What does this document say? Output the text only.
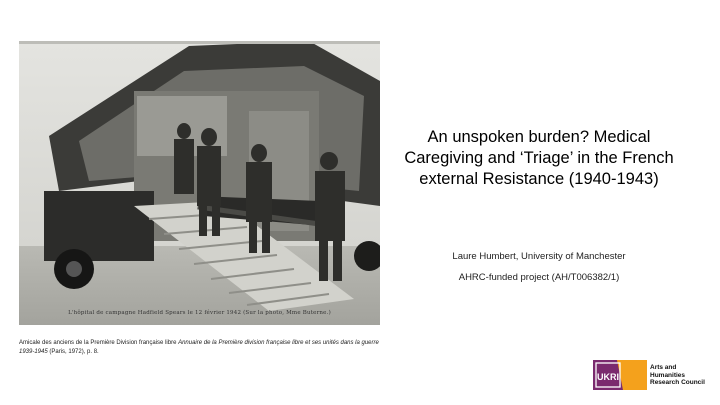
L'hôpital de campagne Hadfield Spears le 12 février 1942 (Sur la photo, Mme Buterne.)
Amicale des anciens de la Première Division française libre Annuaire de la Première division française libre et ses unités dans la guerre 1939-1945 (Paris, 1972), p. 8.
An unspoken burden? Medical Caregiving and ‘Triage’ in the French external Resistance (1940-1943)
Laure Humbert, University of Manchester
AHRC-funded project (AH/T006382/1)
UKRI
Arts and
Humanities
Research Council
